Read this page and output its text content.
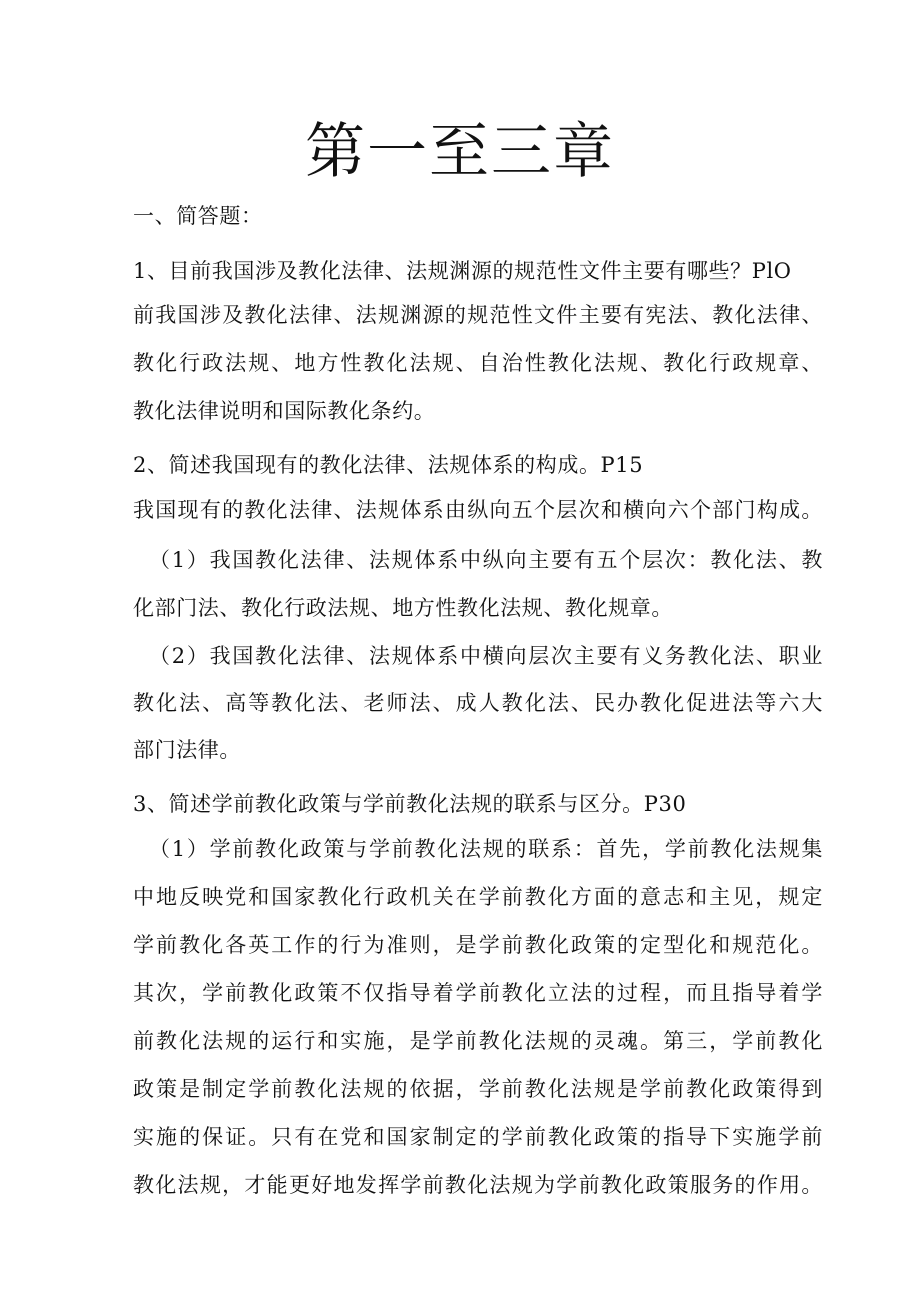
第一至三章
一、简答题：
1、目前我国涉及教化法律、法规渊源的规范性文件主要有哪些？PlO
前我国涉及教化法律、法规渊源的规范性文件主要有宪法、教化法律、
教化行政法规、地方性教化法规、自治性教化法规、教化行政规章、
教化法律说明和国际教化条约。
2、简述我国现有的教化法律、法规体系的构成。P15
我国现有的教化法律、法规体系由纵向五个层次和横向六个部门构成。
（1）我国教化法律、法规体系中纵向主要有五个层次：教化法、教
化部门法、教化行政法规、地方性教化法规、教化规章。
（2）我国教化法律、法规体系中横向层次主要有义务教化法、职业
教化法、高等教化法、老师法、成人教化法、民办教化促进法等六大
部门法律。
3、简述学前教化政策与学前教化法规的联系与区分。P30
（1）学前教化政策与学前教化法规的联系：首先，学前教化法规集
中地反映党和国家教化行政机关在学前教化方面的意志和主见，规定
学前教化各英工作的行为准则，是学前教化政策的定型化和规范化。
其次，学前教化政策不仅指导着学前教化立法的过程，而且指导着学
前教化法规的运行和实施，是学前教化法规的灵魂。第三，学前教化
政策是制定学前教化法规的依据，学前教化法规是学前教化政策得到
实施的保证。只有在党和国家制定的学前教化政策的指导下实施学前
教化法规，才能更好地发挥学前教化法规为学前教化政策服务的作用。
